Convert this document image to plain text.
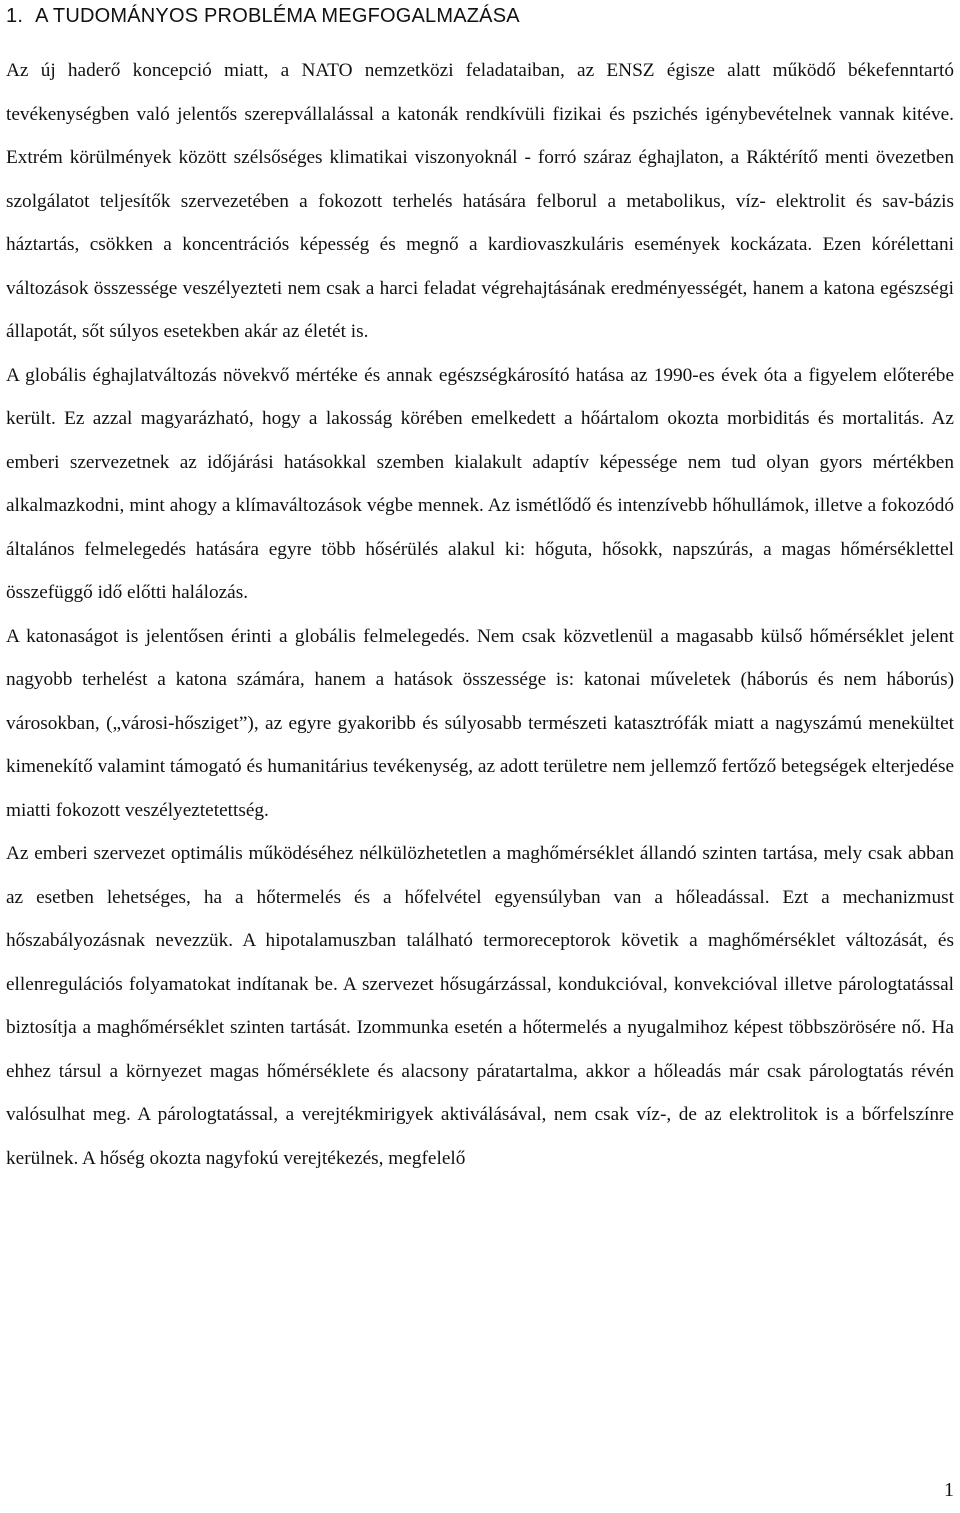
1. A TUDOMÁNYOS PROBLÉMA MEGFOGALMAZÁSA

Az új haderő koncepció miatt, a NATO nemzetközi feladataiban, az ENSZ égisze alatt működő békefenntartó tevékenységben való jelentős szerepvállalással a katonák rendkívüli fizikai és pszichés igénybevételnek vannak kitéve. Extrém körülmények között szélsőséges klimatikai viszonyoknál - forró száraz éghajlaton, a Ráktérítő menti övezetben szolgálatot teljesítők szervezetében a fokozott terhelés hatására felborul a metabolikus, víz- elektrolit és sav-bázis háztartás, csökken a koncentrációs képesség és megnő a kardiovaszkuláris események kockázata. Ezen kórélettani változások összessége veszélyezteti nem csak a harci feladat végrehajtásának eredményességét, hanem a katona egészségi állapotát, sőt súlyos esetekben akár az életét is.

A globális éghajlatváltozás növekvő mértéke és annak egészségkárosító hatása az 1990-es évek óta a figyelem előterébe került. Ez azzal magyarázható, hogy a lakosság körében emelkedett a hőártalom okozta morbiditás és mortalitás. Az emberi szervezetnek az időjárási hatásokkal szemben kialakult adaptív képessége nem tud olyan gyors mértékben alkalmazkodni, mint ahogy a klímaváltozások végbe mennek. Az ismétlődő és intenzívebb hőhullámok, illetve a fokozódó általános felmelegedés hatására egyre több hősérülés alakul ki: hőguta, hősokk, napszúrás, a magas hőmérséklettel összefüggő idő előtti halálozás.

A katonaságot is jelentősen érinti a globális felmelegedés. Nem csak közvetlenül a magasabb külső hőmérséklet jelent nagyobb terhelést a katona számára, hanem a hatások összessége is: katonai műveletek (háborús és nem háborús) városokban, („városi-hősziget”), az egyre gyakoribb és súlyosabb természeti katasztrófák miatt a nagyszámú menekültet kimenekítő valamint támogató és humanitárius tevékenység, az adott területre nem jellemző fertőző betegségek elterjedése miatti fokozott veszélyeztetettség.

Az emberi szervezet optimális működéséhez nélkülözhetetlen a maghőmérséklet állandó szinten tartása, mely csak abban az esetben lehetséges, ha a hőtermelés és a hőfelvétel egyensúlyban van a hőleadással. Ezt a mechanizmust hőszabályozásnak nevezzük. A hipotalamuszban található termoreceptorok követik a maghőmérséklet változását, és ellenregulációs folyamatokat indítanak be. A szervezet hősugárzással, kondukcióval, konvekcióval illetve párologtatással biztosítja a maghőmérséklet szinten tartását. Izommunka esetén a hőtermelés a nyugalmihoz képest többszörösére nő. Ha ehhez társul a környezet magas hőmérséklete és alacsony páratartalma, akkor a hőleadás már csak párologtatás révén valósulhat meg. A párologtatással, a verejtékmirigyek aktiválásával, nem csak víz-, de az elektrolitok is a bőrfelszínre kerülnek. A hőség okozta nagyfokú verejtékezés, megfelelő

1
